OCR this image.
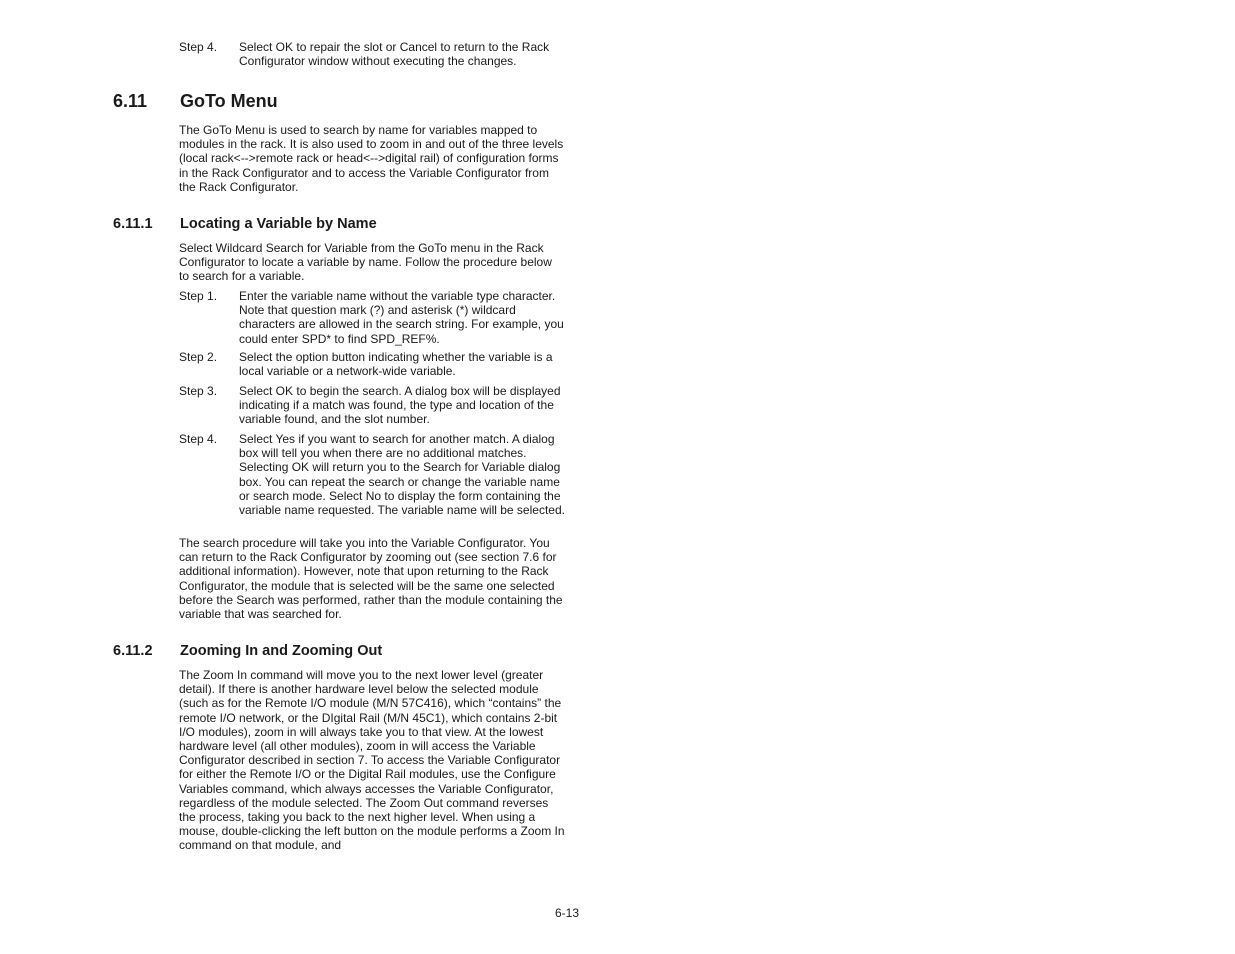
Step 4.	Select OK to repair the slot or Cancel to return to the Rack Configurator window without executing the changes.
6.11 GoTo Menu

The GoTo Menu is used to search by name for variables mapped to modules in the rack. It is also used to zoom in and out of the three levels (local rack<-->remote rack or head<-->digital rail) of configuration forms in the Rack Configurator and to access the Variable Configurator from the Rack Configurator.

6.11.1 Locating a Variable by Name

Select Wildcard Search for Variable from the GoTo menu in the Rack Configurator to locate a variable by name. Follow the procedure below to search for a variable.

Step 1.	Enter the variable name without the variable type character. Note that question mark (?) and asterisk (*) wildcard characters are allowed in the search string. For example, you could enter SPD* to find SPD_REF%.
Step 2.	Select the option button indicating whether the variable is a local variable or a network-wide variable.
Step 3.	Select OK to begin the search. A dialog box will be displayed indicating if a match was found, the type and location of the variable found, and the slot number.
Step 4.	Select Yes if you want to search for another match. A dialog box will tell you when there are no additional matches. Selecting OK will return you to the Search for Variable dialog box. You can repeat the search or change the variable name or search mode. Select No to display the form containing the variable name requested. The variable name will be selected.

The search procedure will take you into the Variable Configurator. You can return to the Rack Configurator by zooming out (see section 7.6 for additional information). However, note that upon returning to the Rack Configurator, the module that is selected will be the same one selected before the Search was performed, rather than the module containing the variable that was searched for.

6.11.2 Zooming In and Zooming Out

The Zoom In command will move you to the next lower level (greater detail). If there is another hardware level below the selected module (such as for the Remote I/O module (M/N 57C416), which “contains” the remote I/O network, or the DIgital Rail (M/N 45C1), which contains 2-bit I/O modules), zoom in will always take you to that view. At the lowest hardware level (all other modules), zoom in will access the Variable Configurator described in section 7. To access the Variable Configurator for either the Remote I/O or the Digital Rail modules, use the Configure Variables command, which always accesses the Variable Configurator, regardless of the module selected. The Zoom Out command reverses the process, taking you back to the next higher level. When using a mouse, double-clicking the left button on the module performs a Zoom In command on that module, and

6-13
